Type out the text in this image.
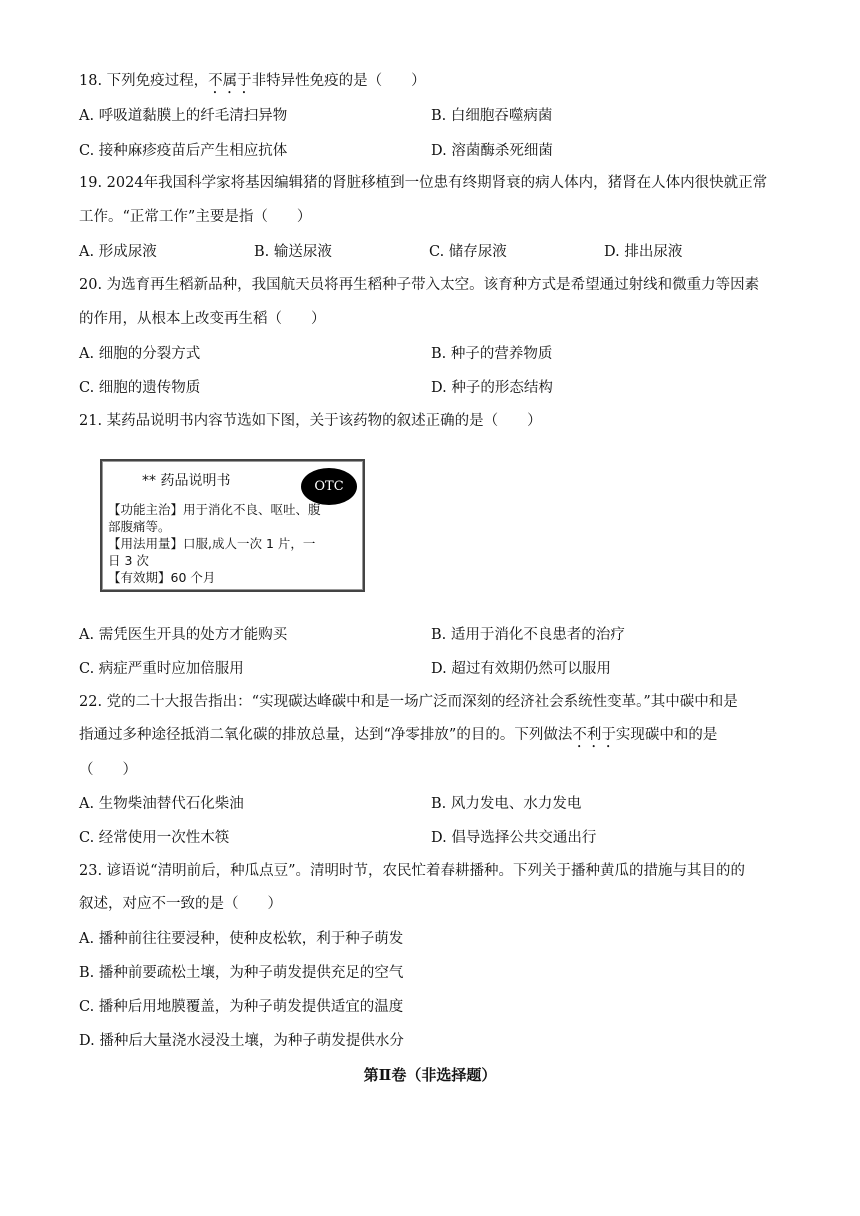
18. 下列免疫过程，不属于非特异性免疫的是（　　）
A. 呼吸道黏膜上的纤毛清扫异物	B. 白细胞吞噬病菌
C. 接种麻疹疫苗后产生相应抗体	D. 溶菌酶杀死细菌
19. 2024年我国科学家将基因编辑猪的肾脏移植到一位患有终期肾衰的病人体内，猪肾在人体内很快就正常
工作。“正常工作”主要是指（　　）
A. 形成尿液	B. 输送尿液	C. 储存尿液	D. 排出尿液
20. 为选育再生稻新品种，我国航天员将再生稻种子带入太空。该育种方式是希望通过射线和微重力等因素
的作用，从根本上改变再生稻（　　）
A. 细胞的分裂方式	B. 种子的营养物质
C. 细胞的遗传物质	D. 种子的形态结构
21. 某药品说明书内容节选如下图，关于该药物的叙述正确的是（　　）
** 药品说明书	OTC
【功能主治】用于消化不良、呕吐、腹
部腹痛等。
【用法用量】口服,成人一次 1 片，一
日 3 次
【有效期】60 个月
A. 需凭医生开具的处方才能购买	B. 适用于消化不良患者的治疗
C. 病症严重时应加倍服用	D. 超过有效期仍然可以服用
22. 党的二十大报告指出：“实现碳达峰碳中和是一场广泛而深刻的经济社会系统性变革。”其中碳中和是
指通过多种途径抵消二氧化碳的排放总量，达到“净零排放”的目的。下列做法不利于实现碳中和的是
（　　）
A. 生物柴油替代石化柴油	B. 风力发电、水力发电
C. 经常使用一次性木筷	D. 倡导选择公共交通出行
23. 谚语说“清明前后，种瓜点豆”。清明时节，农民忙着春耕播种。下列关于播种黄瓜的措施与其目的的
叙述，对应不一致的是（　　）
A. 播种前往往要浸种，使种皮松软，利于种子萌发
B. 播种前要疏松土壤，为种子萌发提供充足的空气
C. 播种后用地膜覆盖，为种子萌发提供适宜的温度
D. 播种后大量浇水浸没土壤，为种子萌发提供水分
第Ⅱ卷（非选择题）
